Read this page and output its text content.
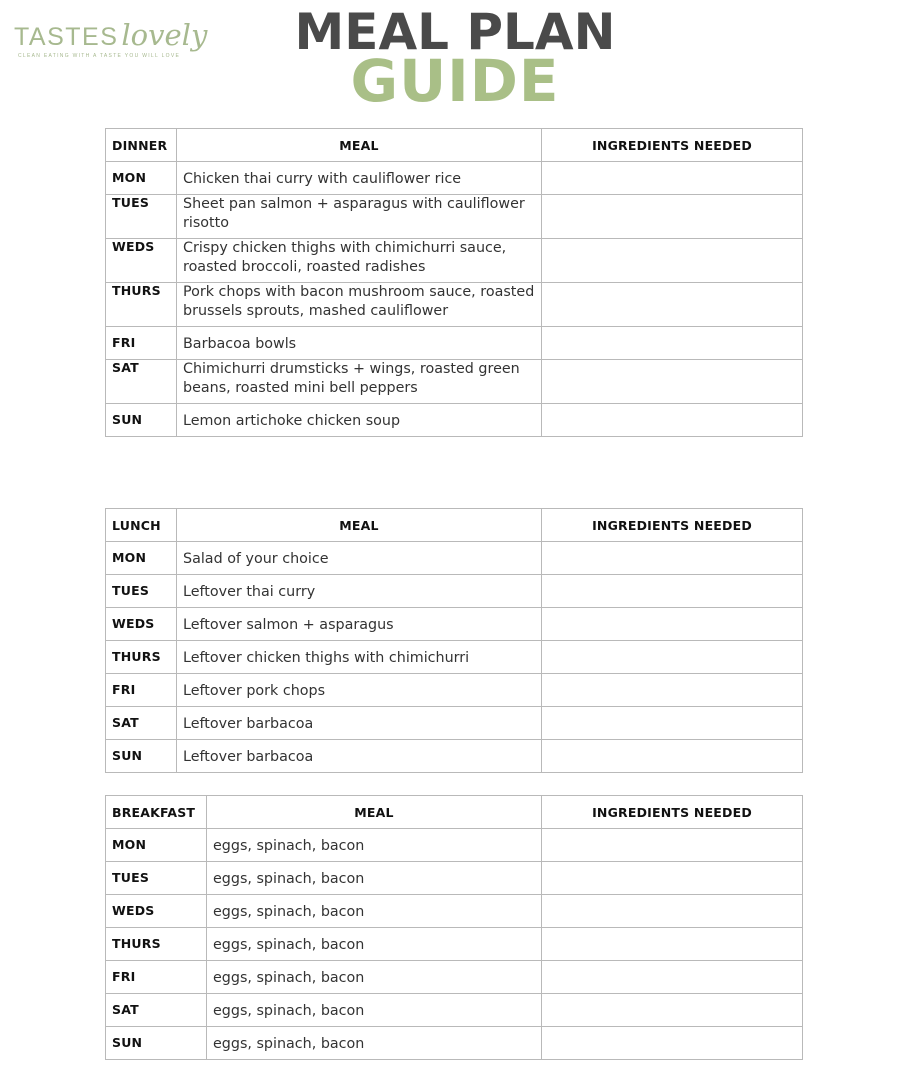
TASTES lovely
CLEAN EATING WITH A TASTE YOU WILL LOVE	MEAL PLAN
GUIDE
DINNER	MEAL	INGREDIENTS NEEDED
MON	Chicken thai curry with cauliflower rice	
TUES	Sheet pan salmon + asparagus with cauliflower risotto	
WEDS	Crispy chicken thighs with chimichurri sauce, roasted broccoli, roasted radishes	
THURS	Pork chops with bacon mushroom sauce, roasted brussels sprouts, mashed cauliflower	
FRI	Barbacoa bowls	
SAT	Chimichurri drumsticks + wings, roasted green beans, roasted mini bell peppers	
SUN	Lemon artichoke chicken soup	
LUNCH	MEAL	INGREDIENTS NEEDED
MON	Salad of your choice	
TUES	Leftover thai curry	
WEDS	Leftover salmon + asparagus	
THURS	Leftover chicken thighs with chimichurri	
FRI	Leftover pork chops	
SAT	Leftover barbacoa	
SUN	Leftover barbacoa	
BREAKFAST	MEAL	INGREDIENTS NEEDED
MON	eggs, spinach, bacon	
TUES	eggs, spinach, bacon	
WEDS	eggs, spinach, bacon	
THURS	eggs, spinach, bacon	
FRI	eggs, spinach, bacon	
SAT	eggs, spinach, bacon	
SUN	eggs, spinach, bacon	
